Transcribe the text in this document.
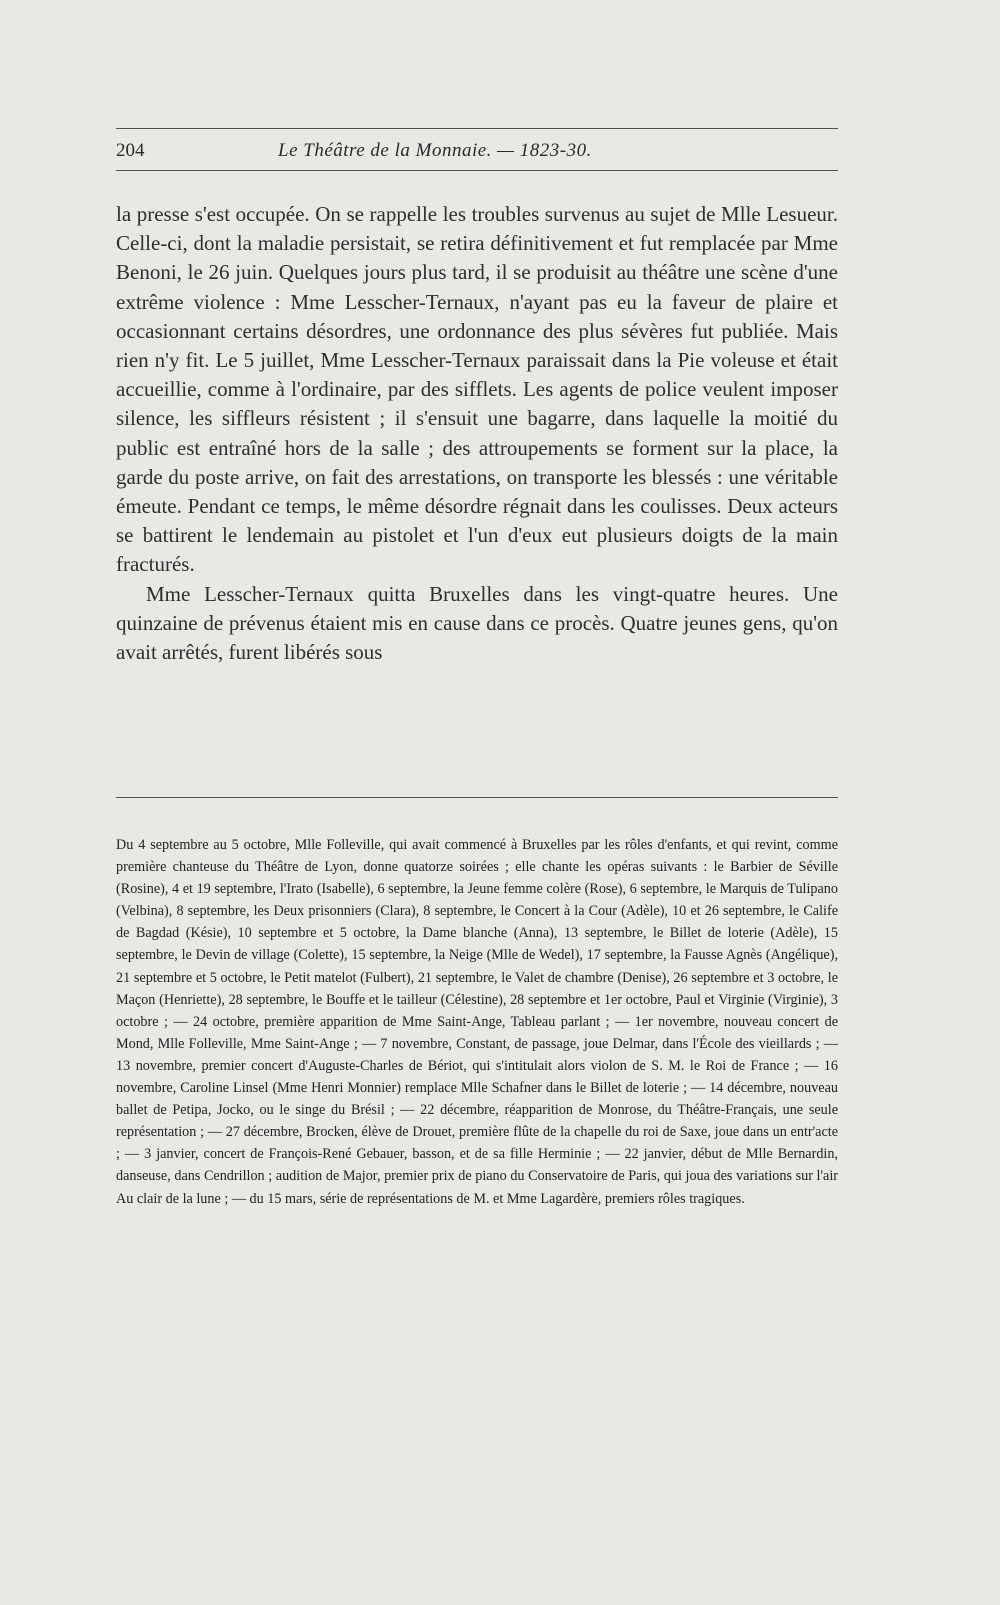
204	Le Théâtre de la Monnaie. — 1823-30.

la presse s'est occupée. On se rappelle les troubles survenus au sujet de Mlle Lesueur. Celle-ci, dont la maladie persistait, se retira définitivement et fut remplacée par Mme Benoni, le 26 juin. Quelques jours plus tard, il se produisit au théâtre une scène d'une extrême violence : Mme Lesscher-Ternaux, n'ayant pas eu la faveur de plaire et occasionnant certains désordres, une ordonnance des plus sévères fut publiée. Mais rien n'y fit. Le 5 juillet, Mme Lesscher-Ternaux paraissait dans la Pie voleuse et était accueillie, comme à l'ordinaire, par des sifflets. Les agents de police veulent imposer silence, les siffleurs résistent ; il s'ensuit une bagarre, dans laquelle la moitié du public est entraîné hors de la salle ; des attroupements se forment sur la place, la garde du poste arrive, on fait des arrestations, on transporte les blessés : une véritable émeute. Pendant ce temps, le même désordre régnait dans les coulisses. Deux acteurs se battirent le lendemain au pistolet et l'un d'eux eut plusieurs doigts de la main fracturés.

Mme Lesscher-Ternaux quitta Bruxelles dans les vingt-quatre heures. Une quinzaine de prévenus étaient mis en cause dans ce procès. Quatre jeunes gens, qu'on avait arrêtés, furent libérés sous

Du 4 septembre au 5 octobre, Mlle Folleville, qui avait commencé à Bruxelles par les rôles d'enfants, et qui revint, comme première chanteuse du Théâtre de Lyon, donne quatorze soirées ; elle chante les opéras suivants : le Barbier de Séville (Rosine), 4 et 19 septembre, l'Irato (Isabelle), 6 septembre, la Jeune femme colère (Rose), 6 septembre, le Marquis de Tulipano (Velbina), 8 septembre, les Deux prisonniers (Clara), 8 septembre, le Concert à la Cour (Adèle), 10 et 26 septembre, le Calife de Bagdad (Késie), 10 septembre et 5 octobre, la Dame blanche (Anna), 13 septembre, le Billet de loterie (Adèle), 15 septembre, le Devin de village (Colette), 15 septembre, la Neige (Mlle de Wedel), 17 septembre, la Fausse Agnès (Angélique), 21 septembre et 5 octobre, le Petit matelot (Fulbert), 21 septembre, le Valet de chambre (Denise), 26 septembre et 3 octobre, le Maçon (Henriette), 28 septembre, le Bouffe et le tailleur (Célestine), 28 septembre et 1er octobre, Paul et Virginie (Virginie), 3 octobre ; — 24 octobre, première apparition de Mme Saint-Ange, Tableau parlant ; — 1er novembre, nouveau concert de Mond, Mlle Folleville, Mme Saint-Ange ; — 7 novembre, Constant, de passage, joue Delmar, dans l'École des vieillards ; — 13 novembre, premier concert d'Auguste-Charles de Bériot, qui s'intitulait alors violon de S. M. le Roi de France ; — 16 novembre, Caroline Linsel (Mme Henri Monnier) remplace Mlle Schafner dans le Billet de loterie ; — 14 décembre, nouveau ballet de Petipa, Jocko, ou le singe du Brésil ; — 22 décembre, réapparition de Monrose, du Théâtre-Français, une seule représentation ; — 27 décembre, Brocken, élève de Drouet, première flûte de la chapelle du roi de Saxe, joue dans un entr'acte ; — 3 janvier, concert de François-René Gebauer, basson, et de sa fille Herminie ; — 22 janvier, début de Mlle Bernardin, danseuse, dans Cendrillon ; audition de Major, premier prix de piano du Conservatoire de Paris, qui joua des variations sur l'air Au clair de la lune ; — du 15 mars, série de représentations de M. et Mme Lagardère, premiers rôles tragiques.
